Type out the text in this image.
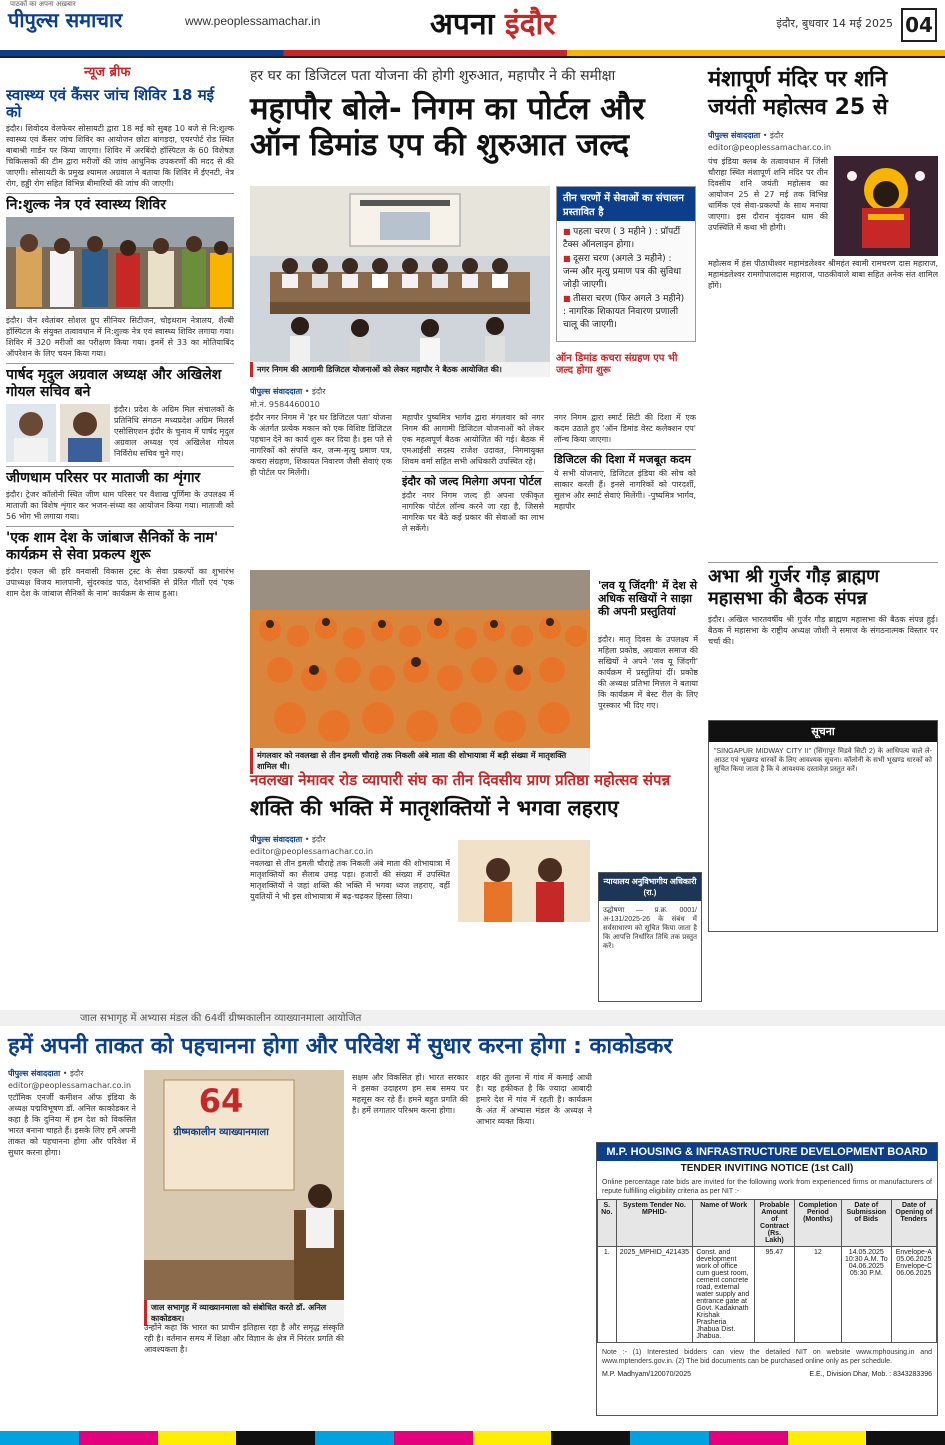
पाठकों का अपना अख़बार
पीपुल्स समाचार	www.peoplessamachar.in	अपना इंदौर	इंदौर, बुधवार 14 मई 2025 04
न्यूज ब्रीफ
स्वास्थ्य एवं कैंसर जांच शिविर 18 मई को
इंदौर। शिवोदय वेलफेयर सोसायटी द्वारा 18 मई को सुबह 10 बजे से नि:शुल्क स्वास्थ्य एवं कैंसर जांच शिविर का आयोजन छोटा बांगड़दा, एयरपोर्ट रोड स्थित बाबाश्री गार्डन पर किया जाएगा। शिविर में अरबिंदो हॉस्पिटल के 60 विशेषज्ञ चिकित्सकों की टीम द्वारा मरीजों की जांच आधुनिक उपकरणों की मदद से की जाएगी। सोसायटी के प्रमुख श्यामल अग्रवाल ने बताया कि शिविर में ईएनटी, नेत्र रोग, हड्डी रोग सहित विभिन्न बीमारियों की जांच की जाएगी।
नि:शुल्क नेत्र एवं स्वास्थ्य शिविर
इंदौर। जैन श्वेतांबर सोशल ग्रुप सीनियर सिटीजन, चोइथराम नेत्रालय, शैल्बी हॉस्पिटल के संयुक्त तत्वावधान में नि:शुल्क नेत्र एवं स्वास्थ्य शिविर लगाया गया। शिविर में 320 मरीजों का परीक्षण किया गया। इनमें से 33 का मोतियाबिंद ऑपरेशन के लिए चयन किया गया।
पार्षद मृदुल अग्रवाल अध्यक्ष और अखिलेश गोयल सचिव बने
इंदौर। प्रदेश के अग्रिम मिल संचालकों के प्रतिनिधि संगठन मध्यप्रदेश अग्रिम मिलर्स एसोसिएशन इंदौर के चुनाव में पार्षद मृदुल अग्रवाल अध्यक्ष एवं अखिलेश गोयल निर्विरोध सचिव चुने गए।
जीणधाम परिसर पर माताजी का शृंगार
इंदौर। ट्रेजर कॉलोनी स्थित जीण धाम परिसर पर वैशाख पूर्णिमा के उपलक्ष्य में माताजी का विशेष शृंगार कर भजन-संध्या का आयोजन किया गया। माताजी को 56 भोग भी लगाया गया।
'एक शाम देश के जांबाज सैनिकों के नाम' कार्यक्रम से सेवा प्रकल्प शुरू
इंदौर। एकल श्री हरि वनवासी विकास ट्रस्ट के सेवा प्रकल्पों का शुभारंभ उपाध्यक्ष विजय मालपानी, सुंदरकांड पाठ, देशभक्ति से प्रेरित गीतों एवं 'एक शाम देश के जांबाज सैनिकों के नाम' कार्यक्रम के साथ हुआ।
हर घर का डिजिटल पता योजना की होगी शुरुआत, महापौर ने की समीक्षा
महापौर बोले- निगम का पोर्टल और ऑन डिमांड एप की शुरुआत जल्द
नगर निगम की आगामी डिजिटल योजनाओं को लेकर महापौर ने बैठक आयोजित की।
तीन चरणों में सेवाओं का संचालन प्रस्तावित है
■ पहला चरण ( 3 महीने ) : प्रॉपर्टी टैक्स ऑनलाइन होगा।
■ दूसरा चरण (अगले 3 महीने) : जन्म और मृत्यु प्रमाण पत्र की सुविधा जोड़ी जाएगी।
■ तीसरा चरण (फिर अगले 3 महीने) : नागरिक शिकायत निवारण प्रणाली चालू की जाएगी।
ऑन डिमांड कचरा संग्रहण एप भी जल्द होगा शुरू
पीपुल्स संवाददाता • इंदौर
मो.नं. 9584460010
इंदौर नगर निगम में 'हर घर डिजिटल पता' योजना के अंतर्गत प्रत्येक मकान को एक विशिष्ट डिजिटल पहचान देने का कार्य शुरू कर दिया है। इस पते से नागरिकों को संपत्ति कर, जन्म-मृत्यु प्रमाण पत्र, कचरा संग्रहण, शिकायत निवारण जैसी सेवाएं एक ही पोर्टल पर मिलेंगी।
महापौर पुष्यमित्र भार्गव द्वारा मंगलवार को नगर निगम की आगामी डिजिटल योजनाओं को लेकर एक महत्वपूर्ण बैठक आयोजित की गई। बैठक में एमआईसी सदस्य राजेश उदावत, निगमायुक्त शिवम वर्मा सहित सभी अधिकारी उपस्थित रहे।
इंदौर को जल्द मिलेगा अपना पोर्टल
इंदौर नगर निगम जल्द ही अपना एकीकृत नागरिक पोर्टल लॉन्च करने जा रहा है, जिससे नागरिक घर बैठे कई प्रकार की सेवाओं का लाभ ले सकेंगे।
नगर निगम द्वारा स्मार्ट सिटी की दिशा में एक कदम उठाते हुए 'ऑन डिमांड वेस्ट कलेक्शन एप' लॉन्च किया जाएगा।
डिजिटल की दिशा में मजबूत कदम
ये सभी योजनाएं, डिजिटल इंडिया की सोच को साकार करती हैं। इनसे नागरिकों को पारदर्शी, सुलभ और स्मार्ट सेवाएं मिलेंगी। -पुष्यमित्र भार्गव, महापौर
मंशापूर्ण मंदिर पर शनि जयंती महोत्सव 25 से
पीपुल्स संवाददाता • इंदौर
editor@peoplessamachar.co.in
पंच इंडिया क्लब के तत्वावधान में जिंसी चौराहा स्थित मंशापूर्ण शनि मंदिर पर तीन दिवसीय शनि जयंती महोत्सव का आयोजन 25 से 27 मई तक विभिन्न धार्मिक एवं सेवा-प्रकल्पों के साथ मनाया जाएगा। इस दौरान वृंदावन धाम की उपस्थिति में कथा भी होगी।
महोत्सव में हंस पीठाधीश्वर महामंडलेश्वर श्रीमहंत स्वामी रामचरण दास महाराज, महामंडलेश्वर रामगोपालदास महाराज, पाठकीवाले बाबा सहित अनेक संत शामिल होंगे।
अभा श्री गुर्जर गौड़ ब्राह्मण महासभा की बैठक संपन्न
इंदौर। अखिल भारतवर्षीय श्री गुर्जर गौड़ ब्राह्मण महासभा की बैठक संपन्न हुई। बैठक में महासभा के राष्ट्रीय अध्यक्ष जोशी ने समाज के संगठनात्मक विस्तार पर चर्चा की।
मंगलवार को नवलखा से तीन इमली चौराहे तक निकली अंबे माता की शोभायात्रा में बड़ी संख्या में मातृशक्ति शामिल थी।
नवलखा नेमावर रोड व्यापारी संघ का तीन दिवसीय प्राण प्रतिष्ठा महोत्सव संपन्न
शक्ति की भक्ति में मातृशक्तियों ने भगवा लहराए
पीपुल्स संवाददाता • इंदौर
editor@peoplessamachar.co.in
नवलखा से तीन इमली चौराहे तक निकली अंबे माता की शोभायात्रा में मातृशक्तियों का सैलाब उमड़ पड़ा। हजारों की संख्या में उपस्थित मातृशक्तियों ने जहां शक्ति की भक्ति में भगवा ध्वज लहराए, वहीं युवतियों ने भी इस शोभायात्रा में बढ़-चढ़कर हिस्सा लिया।
'लव यू जिंदगी' में देश से अधिक सखियों ने साझा की अपनी प्रस्तुतियां
इंदौर। मातृ दिवस के उपलक्ष्य में महिला प्रकोष्ठ, अग्रवाल समाज की सखियों ने अपने 'लव यू जिंदगी' कार्यक्रम में प्रस्तुतियां दीं। प्रकोष्ठ की अध्यक्ष प्रतिभा मित्तल ने बताया कि कार्यक्रम में बेस्ट रील के लिए पुरस्कार भी दिए गए।
सूचना
"SINGAPUR MIDWAY CITY II" (सिंगापुर मिडवे सिटी 2) के आधिपत्य वाले ले-आउट एवं भूखण्ड धारकों के लिए आवश्यक सूचना। कॉलोनी के सभी भूखण्ड धारकों को सूचित किया जाता है कि वे आवश्यक दस्तावेज़ प्रस्तुत करें।
न्यायालय अनुविभागीय अधिकारी (रा.)
उद्घोषणा — प्र.क्र. 0001/अ-131/2025-26 के संबंध में सर्वसाधारण को सूचित किया जाता है कि आपत्ति निर्धारित तिथि तक प्रस्तुत करें।
M.P. HOUSING & INFRASTRUCTURE DEVELOPMENT BOARD
TENDER INVITING NOTICE (1st Call)
Online percentage rate bids are invited for the following work from experienced firms or manufacturers of repute fulfilling eligibility criteria as per NIT :-
S. No.	System Tender No. MPHID-	Name of Work	Probable Amount of Contract (Rs. Lakh)	Completion Period (Months)	Date of Submission of Bids	Date of Opening of Tenders
1.	2025_MPHID_421435	Const. and development work of office cum guest room, cement concrete road, external water supply and entrance gate at Govt. Kadaknath Krishak Prasheria Jhabua Dist. Jhabua.	95.47	12	14.05.2025 10:30 A.M. To 04.06.2025 05:30 P.M.	Envelope-A 05.06.2025 Envelope-C 06.06.2025
Note :- (1) Interested bidders can view the detailed NIT on website www.mphousing.in and www.mptenders.gov.in. (2) The bid documents can be purchased online only as per schedule.
M.P. Madhyam/120070/2025	E.E., Division Dhar, Mob. : 8343283396
जाल सभागृह में अभ्यास मंडल की 64वीं ग्रीष्मकालीन व्याख्यानमाला आयोजित
हमें अपनी ताकत को पहचानना होगा और परिवेश में सुधार करना होगा : काकोडकर
पीपुल्स संवाददाता • इंदौर
editor@peoplessamachar.co.in
एटॉमिक एनर्जी कमीशन ऑफ इंडिया के अध्यक्ष पद्मविभूषण डॉ. अनिल काकोडकर ने कहा है कि दुनिया में हम देश को विकसित भारत बनाना चाहते हैं। इसके लिए हमें अपनी ताकत को पहचानना होगा और परिवेश में सुधार करना होगा।
64
ग्रीष्मकालीन व्याख्यानमाला
जाल सभागृह में व्याख्यानमाला को संबोधित करते डॉ. अनिल काकोडकर।
सक्षम और विकसित हो। भारत सरकार ने इसका उदाहरण हम सब समय पर महसूस कर रहे हैं। हमने बहुत प्रगति की है। हमें लगातार परिश्रम करना होगा।
शहर की तुलना में गांव में कमाई आधी है। यह हकीकत है कि ज्यादा आबादी हमारे देश में गांव में रहती है। कार्यक्रम के अंत में अभ्यास मंडल के अध्यक्ष ने आभार व्यक्त किया।
उन्होंने कहा कि भारत का प्राचीन इतिहास रहा है और समृद्ध संस्कृति रही है। वर्तमान समय में शिक्षा और विज्ञान के क्षेत्र में निरंतर प्रगति की आवश्यकता है।
